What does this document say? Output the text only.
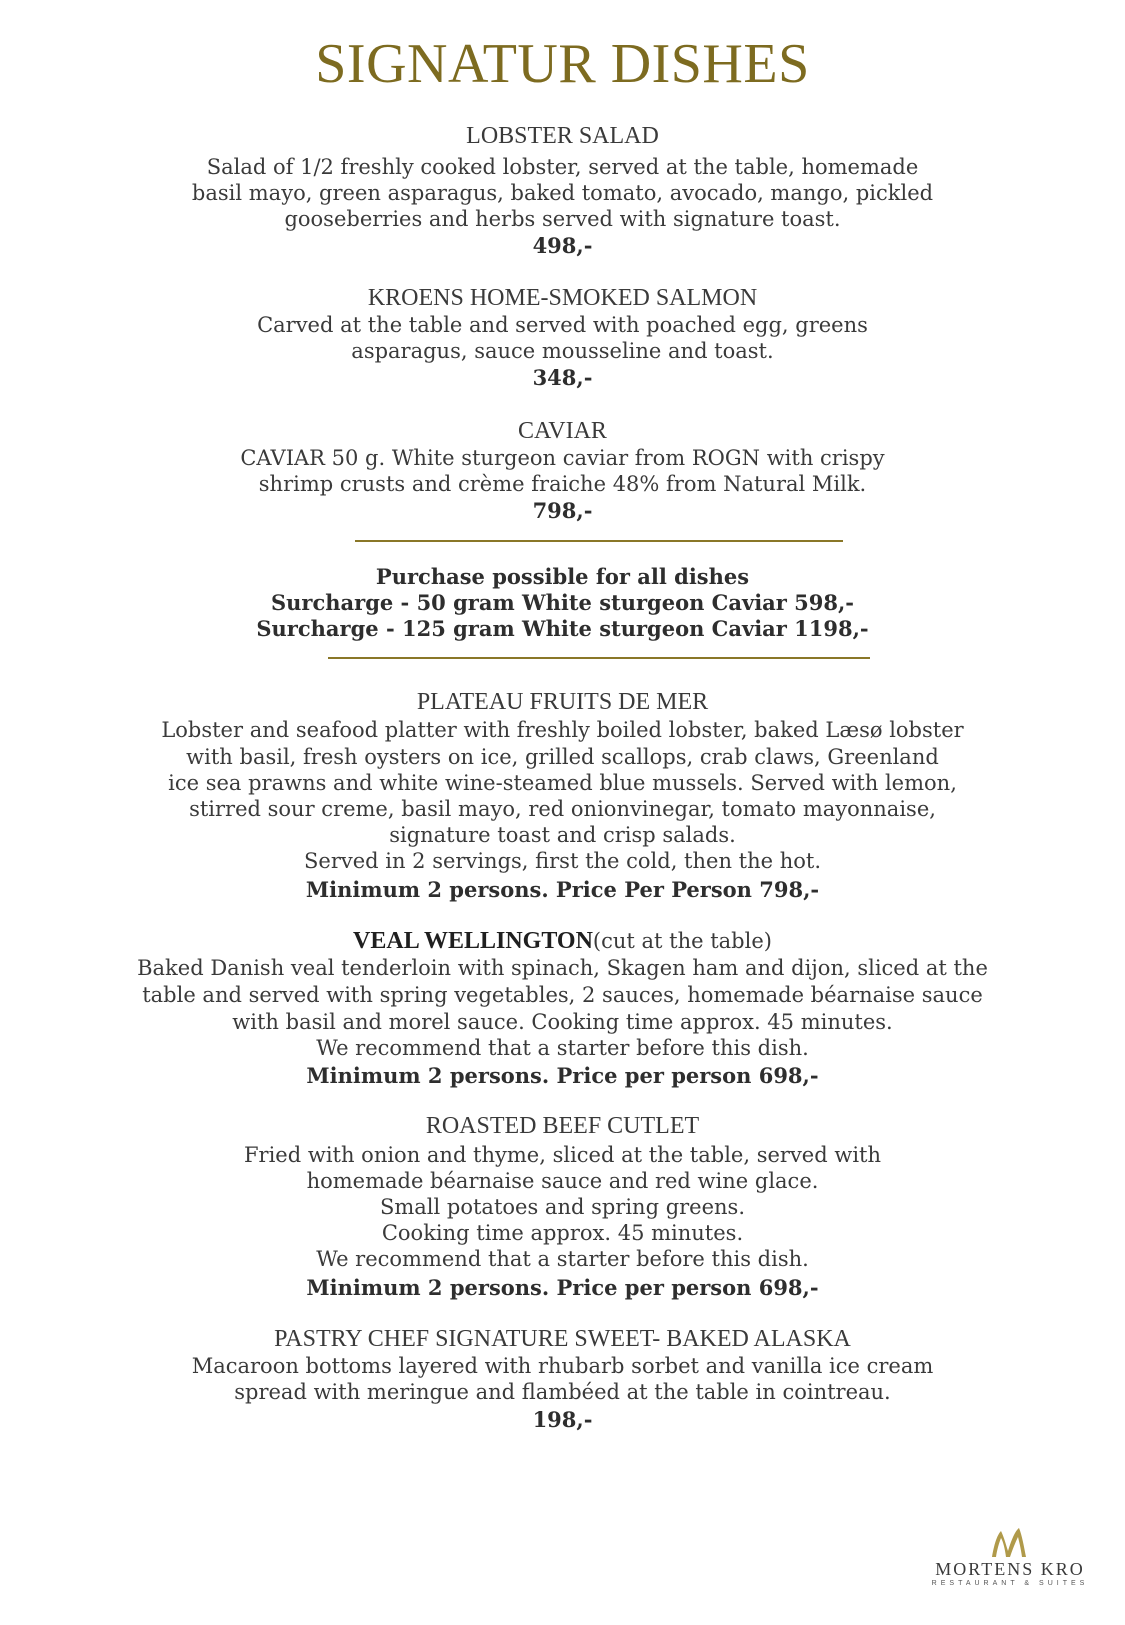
SIGNATUR DISHES
LOBSTER SALAD
Salad of 1/2 freshly cooked lobster, served at the table, homemade
basil mayo, green asparagus, baked tomato, avocado, mango, pickled
gooseberries and herbs served with signature toast.
498,-
KROENS HOME-SMOKED SALMON
Carved at the table and served with poached egg, greens
asparagus, sauce mousseline and toast.
348,-
CAVIAR
CAVIAR 50 g. White sturgeon caviar from ROGN with crispy
shrimp crusts and crème fraiche 48% from Natural Milk.
798,-
Purchase possible for all dishes
Surcharge - 50 gram White sturgeon Caviar 598,-
Surcharge - 125 gram White sturgeon Caviar 1198,-
PLATEAU FRUITS DE MER
Lobster and seafood platter with freshly boiled lobster, baked Læsø lobster
with basil, fresh oysters on ice, grilled scallops, crab claws, Greenland
ice sea prawns and white wine-steamed blue mussels. Served with lemon,
stirred sour creme, basil mayo, red onionvinegar, tomato mayonnaise,
signature toast and crisp salads.
Served in 2 servings, first the cold, then the hot.
Minimum 2 persons. Price Per Person 798,-
VEAL WELLINGTON(cut at the table)
Baked Danish veal tenderloin with spinach, Skagen ham and dijon, sliced at the
table and served with spring vegetables, 2 sauces, homemade béarnaise sauce
with basil and morel sauce. Cooking time approx. 45 minutes.
We recommend that a starter before this dish.
Minimum 2 persons. Price per person 698,-
ROASTED BEEF CUTLET
Fried with onion and thyme, sliced at the table, served with
homemade béarnaise sauce and red wine glace.
Small potatoes and spring greens.
Cooking time approx. 45 minutes.
We recommend that a starter before this dish.
Minimum 2 persons. Price per person 698,-
PASTRY CHEF SIGNATURE SWEET- BAKED ALASKA
Macaroon bottoms layered with rhubarb sorbet and vanilla ice cream
spread with meringue and flambéed at the table in cointreau.
198,-
MORTENS KRO
RESTAURANT & SUITES
